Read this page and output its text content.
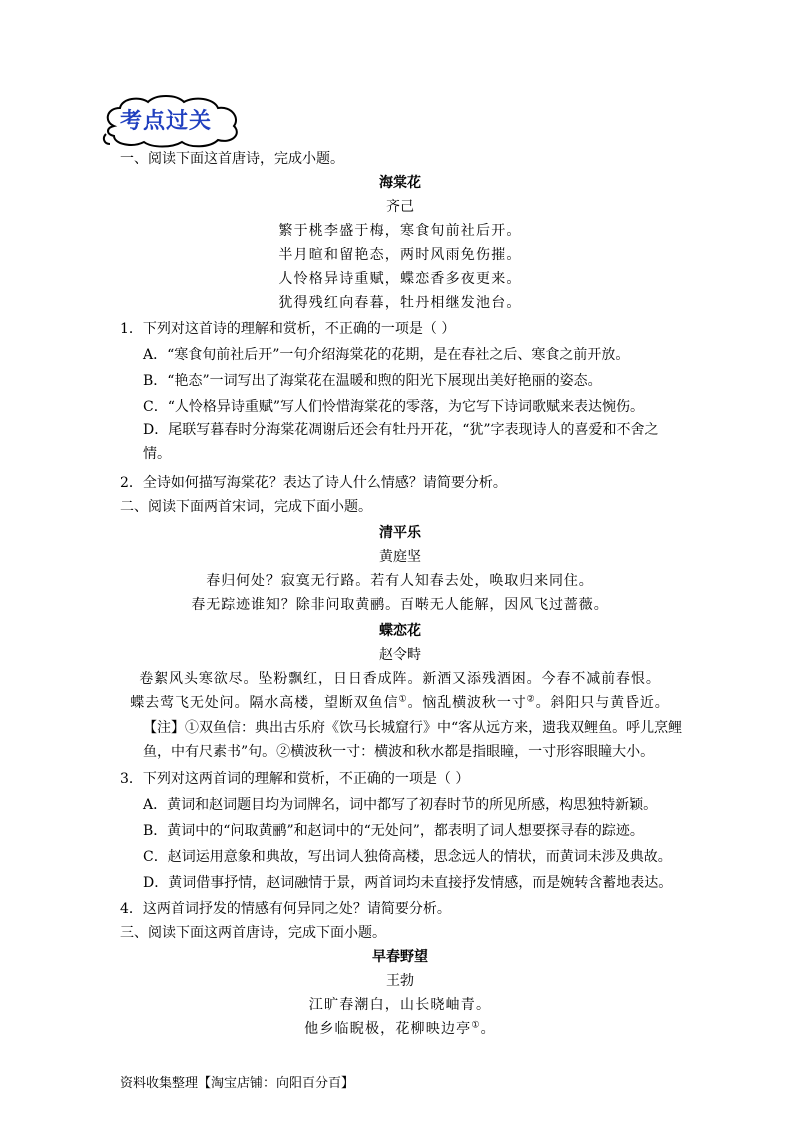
考点过关
一、阅读下面这首唐诗，完成小题。
海棠花
齐己
繁于桃李盛于梅，寒食旬前社后开。
半月暄和留艳态，两时风雨免伤摧。
人怜格异诗重赋，蝶恋香多夜更来。
犹得残红向春暮，牡丹相继发池台。
1．下列对这首诗的理解和赏析，不正确的一项是（ ）
A．“寒食旬前社后开”一句介绍海棠花的花期，是在春社之后、寒食之前开放。
B．“艳态”一词写出了海棠花在温暖和煦的阳光下展现出美好艳丽的姿态。
C．“人怜格异诗重赋”写人们怜惜海棠花的零落，为它写下诗词歌赋来表达惋伤。
D．尾联写暮春时分海棠花凋谢后还会有牡丹开花，“犹”字表现诗人的喜爱和不舍之情。
2．全诗如何描写海棠花？表达了诗人什么情感？请简要分析。
二、阅读下面两首宋词，完成下面小题。
清平乐
黄庭坚
春归何处？寂寞无行路。若有人知春去处，唤取归来同住。
春无踪迹谁知？除非问取黄鹂。百啭无人能解，因风飞过蔷薇。
蝶恋花
赵令畤
卷絮风头寒欲尽。坠粉飘红，日日香成阵。新酒又添残酒困。今春不减前春恨。
蝶去莺飞无处问。隔水高楼，望断双鱼信①。恼乱横波秋一寸②。斜阳只与黄昏近。
【注】①双鱼信：典出古乐府《饮马长城窟行》中“客从远方来，遗我双鲤鱼。呼儿烹鲤鱼，中有尺素书”句。②横波秋一寸：横波和秋水都是指眼瞳，一寸形容眼瞳大小。
3．下列对这两首词的理解和赏析，不正确的一项是（ ）
A．黄词和赵词题目均为词牌名，词中都写了初春时节的所见所感，构思独特新颖。
B．黄词中的“问取黄鹂”和赵词中的“无处问”，都表明了词人想要探寻春的踪迹。
C．赵词运用意象和典故，写出词人独倚高楼，思念远人的情状，而黄词未涉及典故。
D．黄词借事抒情，赵词融情于景，两首词均未直接抒发情感，而是婉转含蓄地表达。
4．这两首词抒发的情感有何异同之处？请简要分析。
三、阅读下面这两首唐诗，完成下面小题。
早春野望
王勃
江旷春潮白，山长晓岫青。
他乡临睨极，花柳映边亭①。
资料收集整理【淘宝店铺：向阳百分百】
